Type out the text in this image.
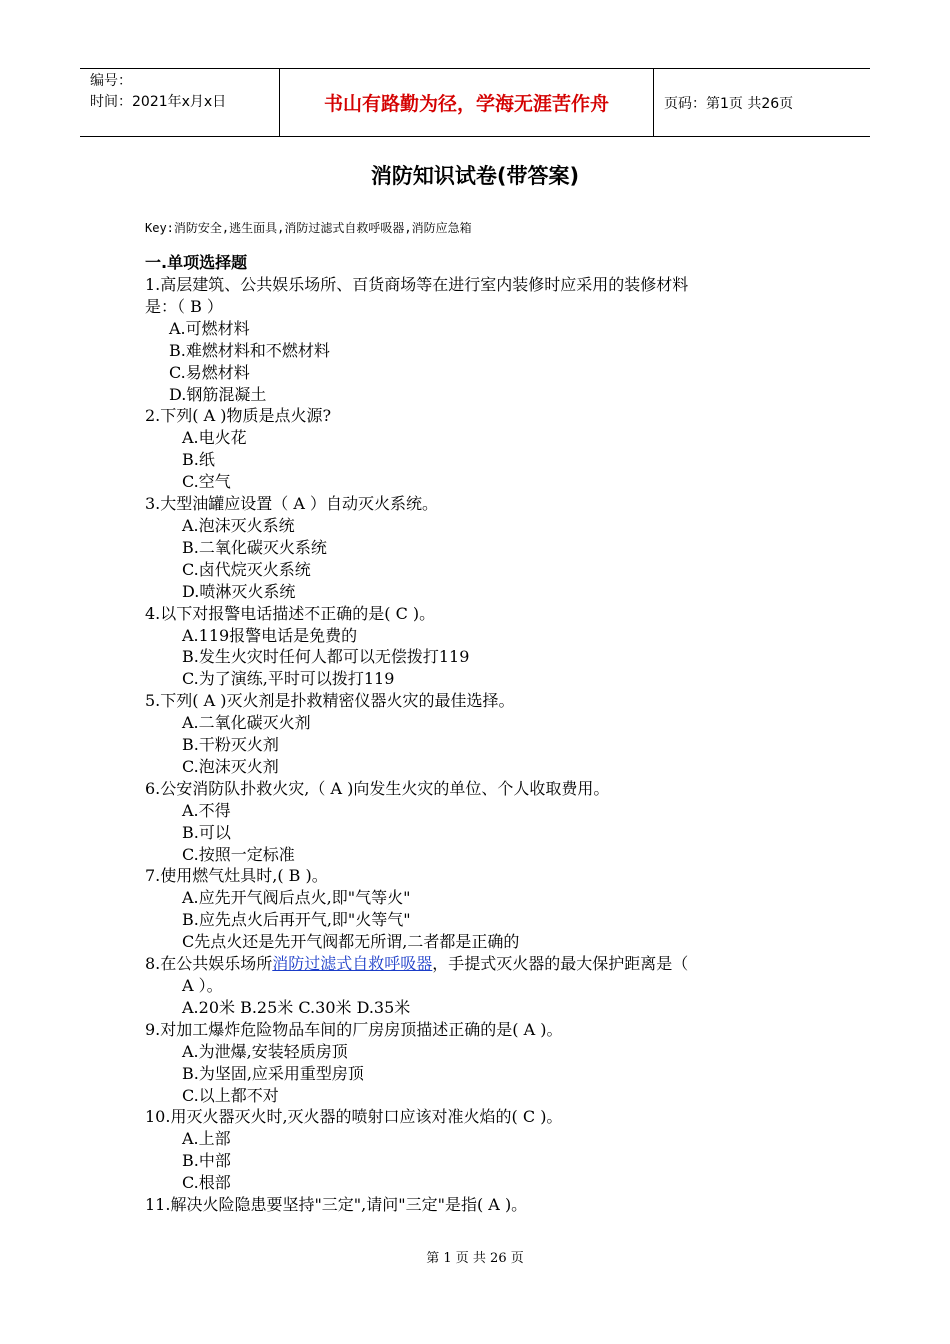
编号：
时间：2021年x月x日	书山有路勤为径，学海无涯苦作舟	页码：第1页 共26页
消防知识试卷(带答案)
Key:消防安全,逃生面具,消防过滤式自救呼吸器,消防应急箱
一.单项选择题
1.高层建筑、公共娱乐场所、百货商场等在进行室内装修时应采用的装修材料
是：（ B ）
A.可燃材料
B.难燃材料和不燃材料
C.易燃材料
D.钢筋混凝土
2.下列( A )物质是点火源?
A.电火花
B.纸
C.空气
3.大型油罐应设置（ A ）自动灭火系统。
A.泡沫灭火系统
B.二氧化碳灭火系统
C.卤代烷灭火系统
D.喷淋灭火系统
4.以下对报警电话描述不正确的是( C )。
A.119报警电话是免费的
B.发生火灾时任何人都可以无偿拨打119
C.为了演练,平时可以拨打119
5.下列( A )灭火剂是扑救精密仪器火灾的最佳选择。
A.二氧化碳灭火剂
B.干粉灭火剂
C.泡沫灭火剂
6.公安消防队扑救火灾,（ A )向发生火灾的单位、个人收取费用。
A.不得
B.可以
C.按照一定标准
7.使用燃气灶具时,( B )。
A.应先开气阀后点火,即"气等火"
B.应先点火后再开气,即"火等气"
C先点火还是先开气阀都无所谓,二者都是正确的
8.在公共娱乐场所消防过滤式自救呼吸器，手提式灭火器的最大保护距离是（
A ）。
A.20米 B.25米 C.30米 D.35米
9.对加工爆炸危险物品车间的厂房房顶描述正确的是( A )。
A.为泄爆,安装轻质房顶
B.为坚固,应采用重型房顶
C.以上都不对
10.用灭火器灭火时,灭火器的喷射口应该对准火焰的( C )。
A.上部
B.中部
C.根部
11.解决火险隐患要坚持"三定",请问"三定"是指( A )。
第 1 页 共 26 页
